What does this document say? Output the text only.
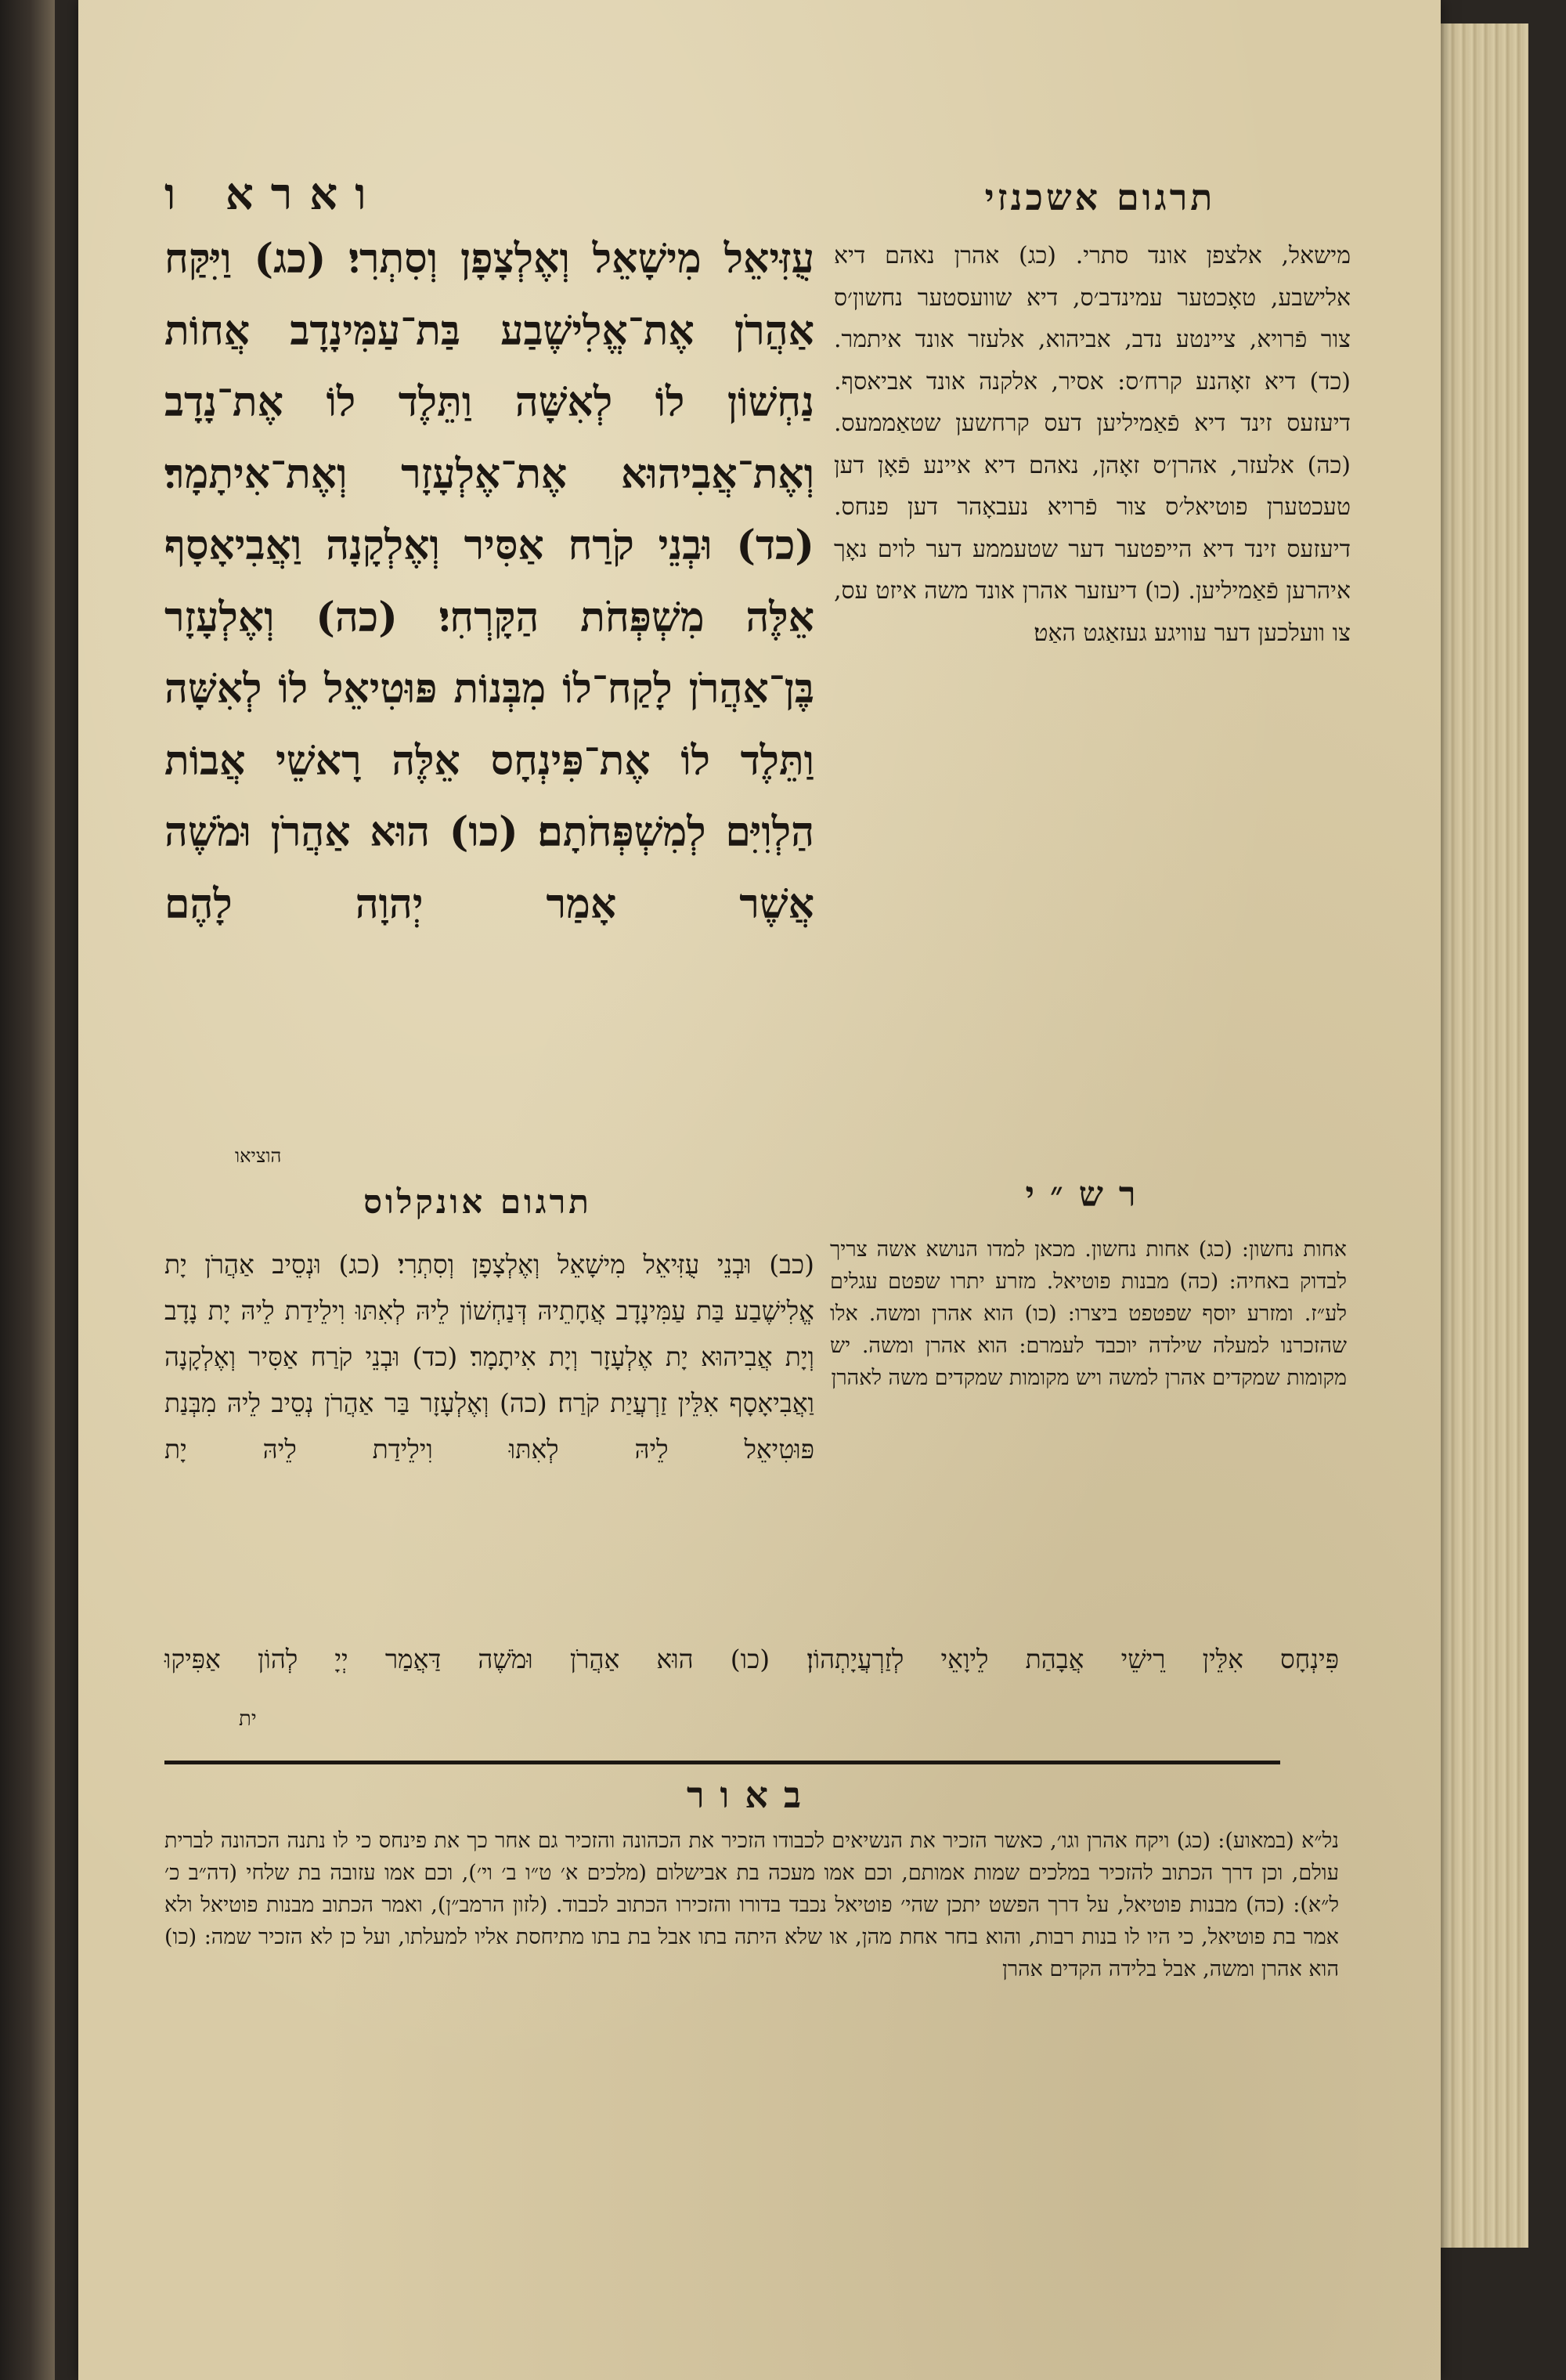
תרגום אשכנזי

מישאל, אלצפן אונד סתרי. (כג) אהרן נאהם דיא אלישבע, טאָכטער עמינדב׳ס, דיא שוועסטער נחשון׳ס צור פֿרויא, ציינטע נדב, אביהוא, אלעזר אונד איתמר. (כד) דיא זאָהנע קרח׳ס: אסיר, אלקנה אונד אביאסף. דיעזעס זינד דיא פֿאַמיליען דעס קרחשען שטאַממעס. (כה) אלעזר, אהרן׳ס זאָהן, נאהם דיא איינע פֿאָן דען טעכטערן פוטיאל׳ס צור פֿרויא נעבאָהר דען פנחס. דיעזעס זינד דיא הייפטער דער שטעממע דער לוים נאָך איהרען פֿאַמיליען. (כו) דיעזער אהרן אונד משה איזט עס, צו וועלכען דער עוויגע געזאַגט האַט׃

וארא ו

עֻזִּיאֵל מִישָׁאֵל וְאֶלְצָפָן וְסִתְרִי׃ (כג) וַיִּקַּח אַהֲרֹן אֶת־אֱלִישֶׁבַע בַּת־עַמִּינָדָב אֲחוֹת נַחְשׁוֹן לוֹ לְאִשָּׁה וַתֵּלֶד לוֹ אֶת־נָדָב וְאֶת־אֲבִיהוּא אֶת־אֶלְעָזָר וְאֶת־אִיתָמָר׃ (כד) וּבְנֵי קֹרַח אַסִּיר וְאֶלְקָנָה וַאֲבִיאָסָף אֵלֶּה מִשְׁפְּחֹת הַקָּרְחִי׃ (כה) וְאֶלְעָזָר בֶּן־אַהֲרֹן לָקַח־לוֹ מִבְּנוֹת פּוּטִיאֵל לוֹ לְאִשָּׁה וַתֵּלֶד לוֹ אֶת־פִּינְחָס אֵלֶּה רָאשֵׁי אֲבוֹת הַלְוִיִּם לְמִשְׁפְּחֹתָם׃ (כו) הוּא אַהֲרֹן וּמֹשֶׁה אֲשֶׁר אָמַר יְהוָה לָהֶם

הוציאו
רש״י

אחות נחשון: (כג) אחות נחשון. מכאן למדו הנושא אשה צריך לבדוק באחיה: (כה) מבנות פוטיאל. מזרע יתרו שפטם עגלים לע״ז. ומזרע יוסף שפטפט ביצרו: (כו) הוא אהרן ומשה. אלו שהזכרנו למעלה שילדה יוכבד לעמרם: הוא אהרן ומשה. יש מקומות שמקדים אהרן למשה ויש מקומות שמקדים משה לאהרן

תרגום אונקלוס

(כב) וּבְנֵי עֻזִּיאֵל מִישָׁאֵל וְאֶלְצָפָן וְסִתְרִי׃ (כג) וּנְסֵיב אַהֲרֹן יָת אֱלִישֶׁבַע בַּת עַמִּינָדָב אֲחָתֵיהּ דְּנַחְשׁוֹן לֵיהּ לְאִתּוּ וִילֵידַת לֵיהּ יָת נָדָב וְיָת אֲבִיהוּא יָת אֶלְעָזָר וְיָת אִיתָמָר׃ (כד) וּבְנֵי קֹרַח אַסִּיר וְאֶלְקָנָה וַאֲבִיאָסָף אִלֵּין זַרְעֲיַת קֹרַח׃ (כה) וְאֶלְעָזָר בַּר אַהֲרֹן נְסֵיב לֵיהּ מִבְּנַת פּוּטִיאֵל לֵיהּ לְאִתּוּ וִילֵידַת לֵיהּ יָת

פִּינְחָס אִלֵּין רֵישֵׁי אֲבָהַת לֵיוָאֵי לְזַרְעֲיָתְהוֹן׃ (כו) הוּא אַהֲרֹן וּמֹשֶׁה דַּאֲמַר יְיָ לְהוֹן אַפִּיקוּ
ית
באור

נל״א (במאוע): (כג) ויקח אהרן וגו׳, כאשר הזכיר את הנשיאים לכבודו הזכיר את הכהונה והזכיר גם אחר כך את פינחס כי לו נתנה הכהונה לברית עולם, וכן דרך הכתוב להזכיר במלכים שמות אמותם, וכם אמו מעכה בת אבישלום (מלכים א׳ ט״ו ב׳ וי׳), וכם אמו עזובה בת שלחי (דה״ב כ׳ ל״א): (כה) מבנות פוטיאל, על דרך הפשט יתכן שהי׳ פוטיאל נכבד בדורו והזכירו הכתוב לכבוד. (לזון הרמב״ן), ואמר הכתוב מבנות פוטיאל ולא אמר בת פוטיאל, כי היו לו בנות רבות, והוא בחר אחת מהן, או שלא היתה בתו אבל בת בתו מתיחסת אליו למעלתו, ועל כן לא הזכיר שמה: (כו) הוא אהרן ומשה, אבל בלידה הקדים אהרן
